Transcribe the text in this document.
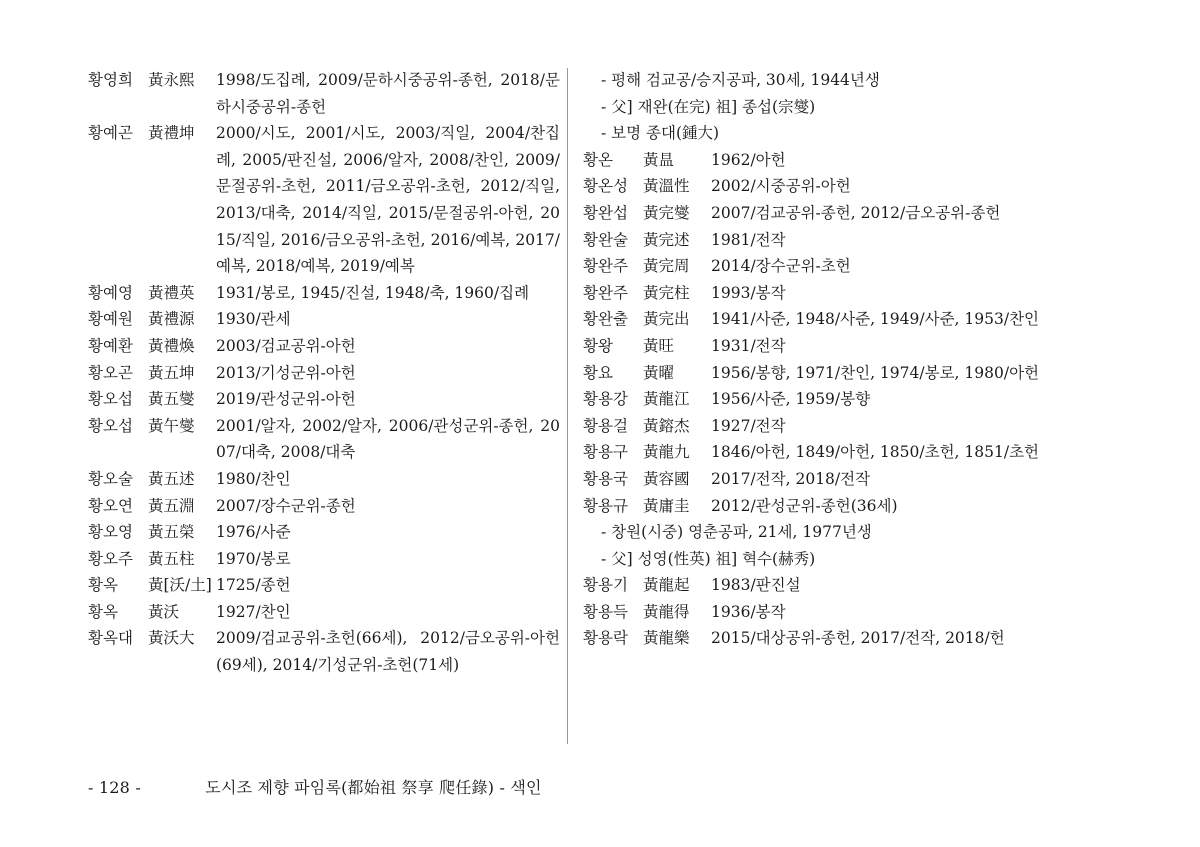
황영희 黃永熙	1998/도집례, 2009/문하시중공위-종헌, 2018/문하시중공위-종헌
황예곤 黃禮坤	2000/시도, 2001/시도, 2003/직일, 2004/찬집례, 2005/판진설, 2006/알자, 2008/찬인, 2009/문절공위-초헌, 2011/금오공위-초헌, 2012/직일, 2013/대축, 2014/직일, 2015/문절공위-아헌, 2015/직일, 2016/금오공위-초헌, 2016/예복, 2017/예복, 2018/예복, 2019/예복
황예영 黃禮英	1931/봉로, 1945/진설, 1948/축, 1960/집례
황예원 黃禮源	1930/관세
황예환 黃禮煥	2003/검교공위-아헌
황오곤 黃五坤	2013/기성군위-아헌
황오섭 黃五燮	2019/관성군위-아헌
황오섭 黃午燮	2001/알자, 2002/알자, 2006/관성군위-종헌, 2007/대축, 2008/대축
황오술 黃五述	1980/찬인
황오연 黃五淵	2007/장수군위-종헌
황오영 黃五榮	1976/사준
황오주 黃五柱	1970/봉로
황옥	黃[沃/土] 1725/종헌
황옥	黃沃	1927/찬인
황옥대 黃沃大	2009/검교공위-초헌(66세), 2012/금오공위-아헌(69세), 2014/기성군위-초헌(71세)
- 평해 검교공/승지공파, 30세, 1944년생
- 父] 재완(在完) 祖] 종섭(宗燮)
- 보명 종대(鍾大)
황온	黃昷	1962/아헌
황온성 黃溫性	2002/시중공위-아헌
황완섭 黃完燮	2007/검교공위-종헌, 2012/금오공위-종헌
황완술 黃完述	1981/전작
황완주 黃完周	2014/장수군위-초헌
황완주 黃完柱	1993/봉작
황완출 黃完出	1941/사준, 1948/사준, 1949/사준, 1953/찬인
황왕	黃旺	1931/전작
황요	黃曜	1956/봉향, 1971/찬인, 1974/봉로, 1980/아헌
황용강 黃龍江	1956/사준, 1959/봉향
황용걸 黃鎔杰	1927/전작
황용구 黃龍九	1846/아헌, 1849/아헌, 1850/초헌, 1851/초헌
황용국 黃容國	2017/전작, 2018/전작
황용규 黃庸圭	2012/관성군위-종헌(36세)
- 창원(시중) 영춘공파, 21세, 1977년생
- 父] 성영(性英) 祖] 혁수(赫秀)
황용기 黃龍起	1983/판진설
황용득 黃龍得	1936/봉작
황용락 黃龍樂	2015/대상공위-종헌, 2017/전작, 2018/헌
- 128 -	도시조 제향 파임록(都始祖 祭享 爬任錄) - 색인
